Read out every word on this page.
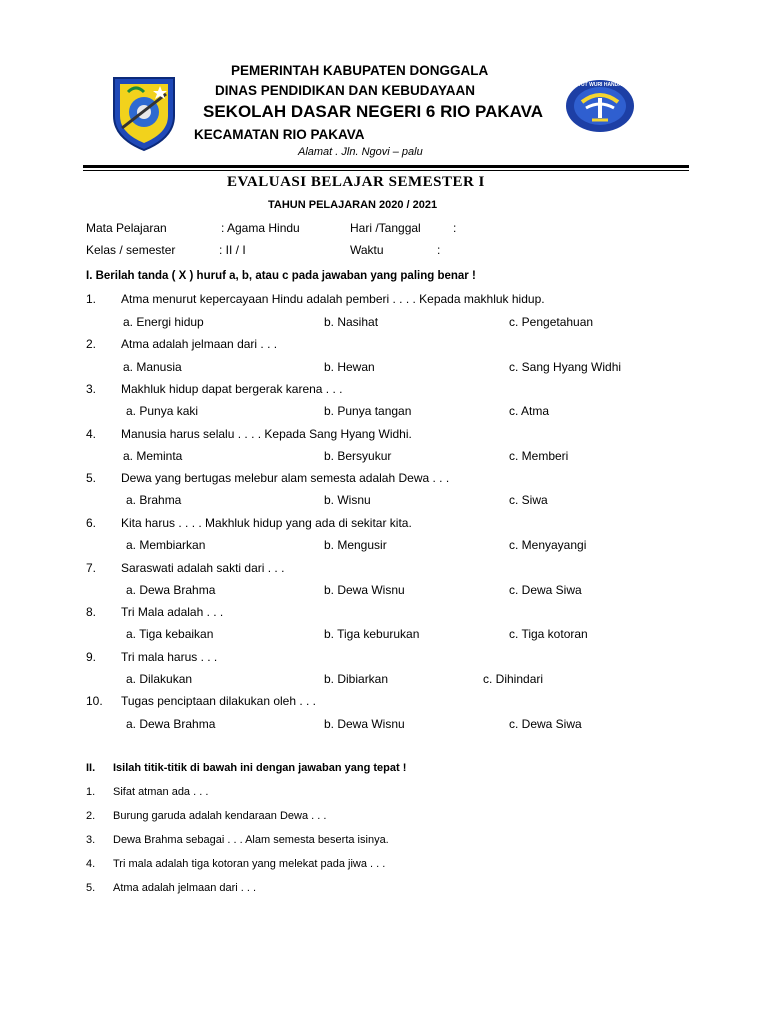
TUT WURI HANDAYANI
PEMERINTAH KABUPATEN DONGGALA
DINAS PENDIDIKAN DAN KEBUDAYAAN
SEKOLAH DASAR NEGERI 6 RIO PAKAVA
KECAMATAN RIO PAKAVA
Alamat . Jln. Ngovi – palu
EVALUASI BELAJAR SEMESTER I
TAHUN PELAJARAN 2020 / 2021
Mata Pelajaran	: Agama Hindu	Hari /Tanggal	:
Kelas / semester	: II / I	Waktu	:
I. Berilah tanda ( X ) huruf a, b, atau c pada jawaban yang paling benar !
1. Atma menurut kepercayaan Hindu adalah pemberi . . . . Kepada makhluk hidup.
a. Energi hidup	b. Nasihat	c. Pengetahuan
2. Atma adalah jelmaan dari . . .
a. Manusia	b. Hewan	c. Sang Hyang Widhi
3. Makhluk hidup dapat bergerak karena . . .
a. Punya kaki	b. Punya tangan	c. Atma
4. Manusia harus selalu . . . . Kepada Sang Hyang Widhi.
a. Meminta	b. Bersyukur	c. Memberi
5. Dewa yang bertugas melebur alam semesta adalah Dewa . . .
a. Brahma	b. Wisnu	c. Siwa
6. Kita harus . . . . Makhluk hidup yang ada di sekitar kita.
a. Membiarkan	b. Mengusir	c. Menyayangi
7. Saraswati adalah sakti dari . . .
a. Dewa Brahma	b. Dewa Wisnu	c. Dewa Siwa
8. Tri Mala adalah . . .
a. Tiga kebaikan	b. Tiga keburukan	c. Tiga kotoran
9. Tri mala harus . . .
a. Dilakukan	b. Dibiarkan	c. Dihindari
10. Tugas penciptaan dilakukan oleh . . .
a. Dewa Brahma	b. Dewa Wisnu	c. Dewa Siwa
II. Isilah titik-titik di bawah ini dengan jawaban yang tepat !
1. Sifat atman ada . . .
2. Burung garuda adalah kendaraan Dewa . . .
3. Dewa Brahma sebagai . . . Alam semesta beserta isinya.
4. Tri mala adalah tiga kotoran yang melekat pada jiwa . . .
5. Atma adalah jelmaan dari . . .
